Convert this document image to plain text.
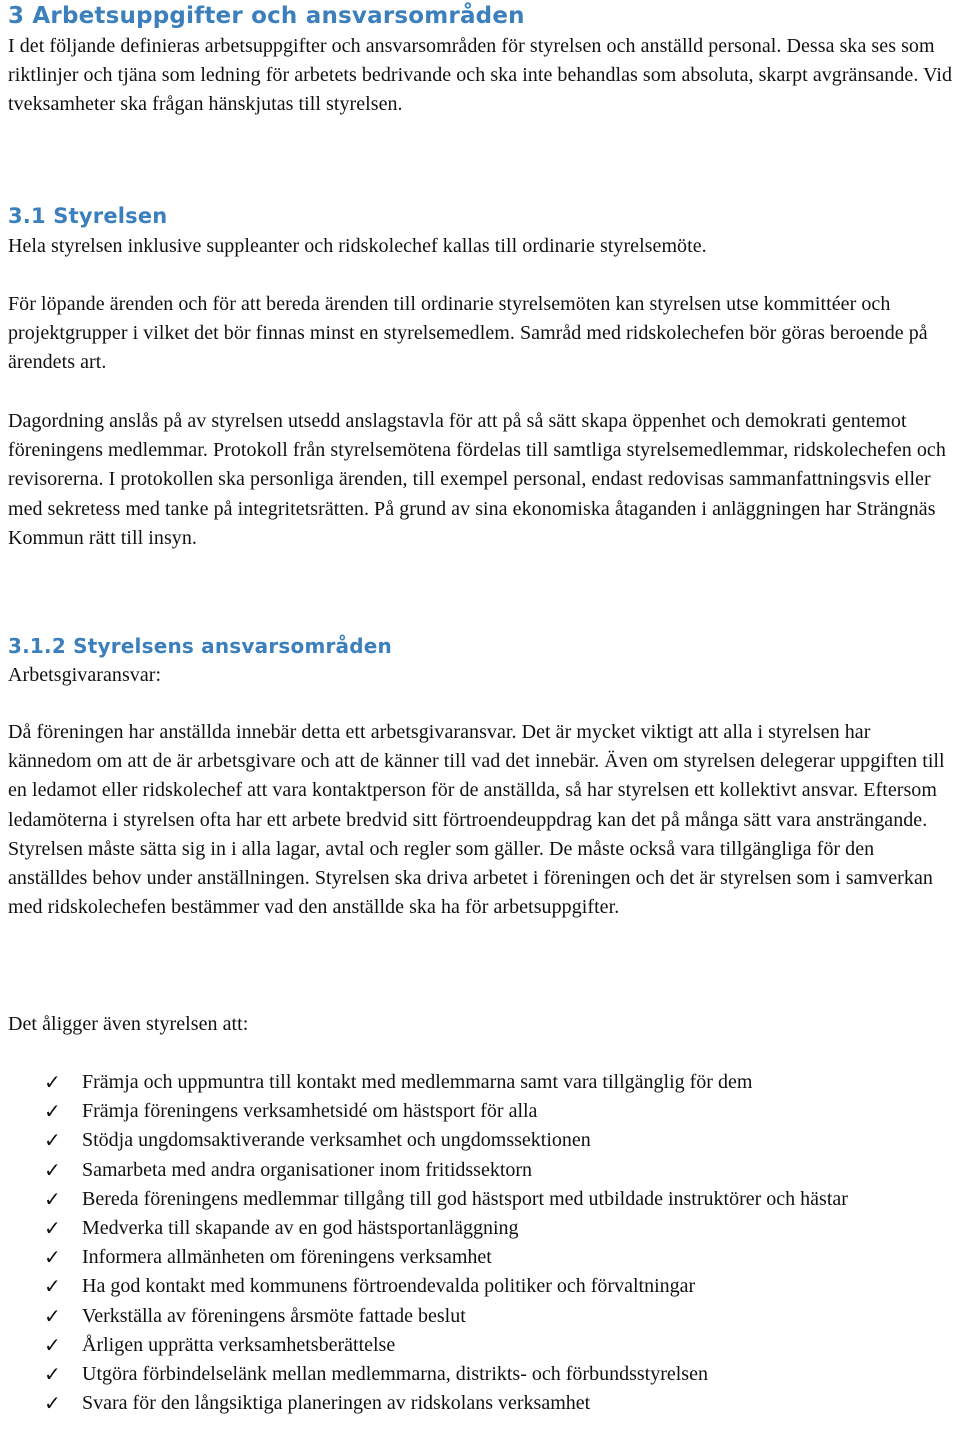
3 Arbetsuppgifter och ansvarsområden

I det följande definieras arbetsuppgifter och ansvarsområden för styrelsen och anställd personal. Dessa ska ses som riktlinjer och tjäna som ledning för arbetets bedrivande och ska inte behandlas som absoluta, skarpt avgränsande. Vid tveksamheter ska frågan hänskjutas till styrelsen.

3.1 Styrelsen

Hela styrelsen inklusive suppleanter och ridskolechef kallas till ordinarie styrelsemöte.

För löpande ärenden och för att bereda ärenden till ordinarie styrelsemöten kan styrelsen utse kommittéer och projektgrupper i vilket det bör finnas minst en styrelsemedlem. Samråd med ridskolechefen bör göras beroende på ärendets art.

Dagordning anslås på av styrelsen utsedd anslagstavla för att på så sätt skapa öppenhet och demokrati gentemot föreningens medlemmar. Protokoll från styrelsemötena fördelas till samtliga styrelsemedlemmar, ridskolechefen och revisorerna. I protokollen ska personliga ärenden, till exempel personal, endast redovisas sammanfattningsvis eller med sekretess med tanke på integritetsrätten. På grund av sina ekonomiska åtaganden i anläggningen har Strängnäs Kommun rätt till insyn.

3.1.2 Styrelsens ansvarsområden

Arbetsgivaransvar:

Då föreningen har anställda innebär detta ett arbetsgivaransvar. Det är mycket viktigt att alla i styrelsen har kännedom om att de är arbetsgivare och att de känner till vad det innebär. Även om styrelsen delegerar uppgiften till en ledamot eller ridskolechef att vara kontaktperson för de anställda, så har styrelsen ett kollektivt ansvar. Eftersom ledamöterna i styrelsen ofta har ett arbete bredvid sitt förtroendeuppdrag kan det på många sätt vara ansträngande. Styrelsen måste sätta sig in i alla lagar, avtal och regler som gäller. De måste också vara tillgängliga för den anställdes behov under anställningen. Styrelsen ska driva arbetet i föreningen och det är styrelsen som i samverkan med ridskolechefen bestämmer vad den anställde ska ha för arbetsuppgifter.

Det åligger även styrelsen att:

✓ Främja och uppmuntra till kontakt med medlemmarna samt vara tillgänglig för dem
✓ Främja föreningens verksamhetsidé om hästsport för alla
✓ Stödja ungdomsaktiverande verksamhet och ungdomssektionen
✓ Samarbeta med andra organisationer inom fritidssektorn
✓ Bereda föreningens medlemmar tillgång till god hästsport med utbildade instruktörer och hästar
✓ Medverka till skapande av en god hästsportanläggning
✓ Informera allmänheten om föreningens verksamhet
✓ Ha god kontakt med kommunens förtroendevalda politiker och förvaltningar
✓ Verkställa av föreningens årsmöte fattade beslut
✓ Årligen upprätta verksamhetsberättelse
✓ Utgöra förbindelselänk mellan medlemmarna, distrikts- och förbundsstyrelsen
✓ Svara för den långsiktiga planeringen av ridskolans verksamhet
